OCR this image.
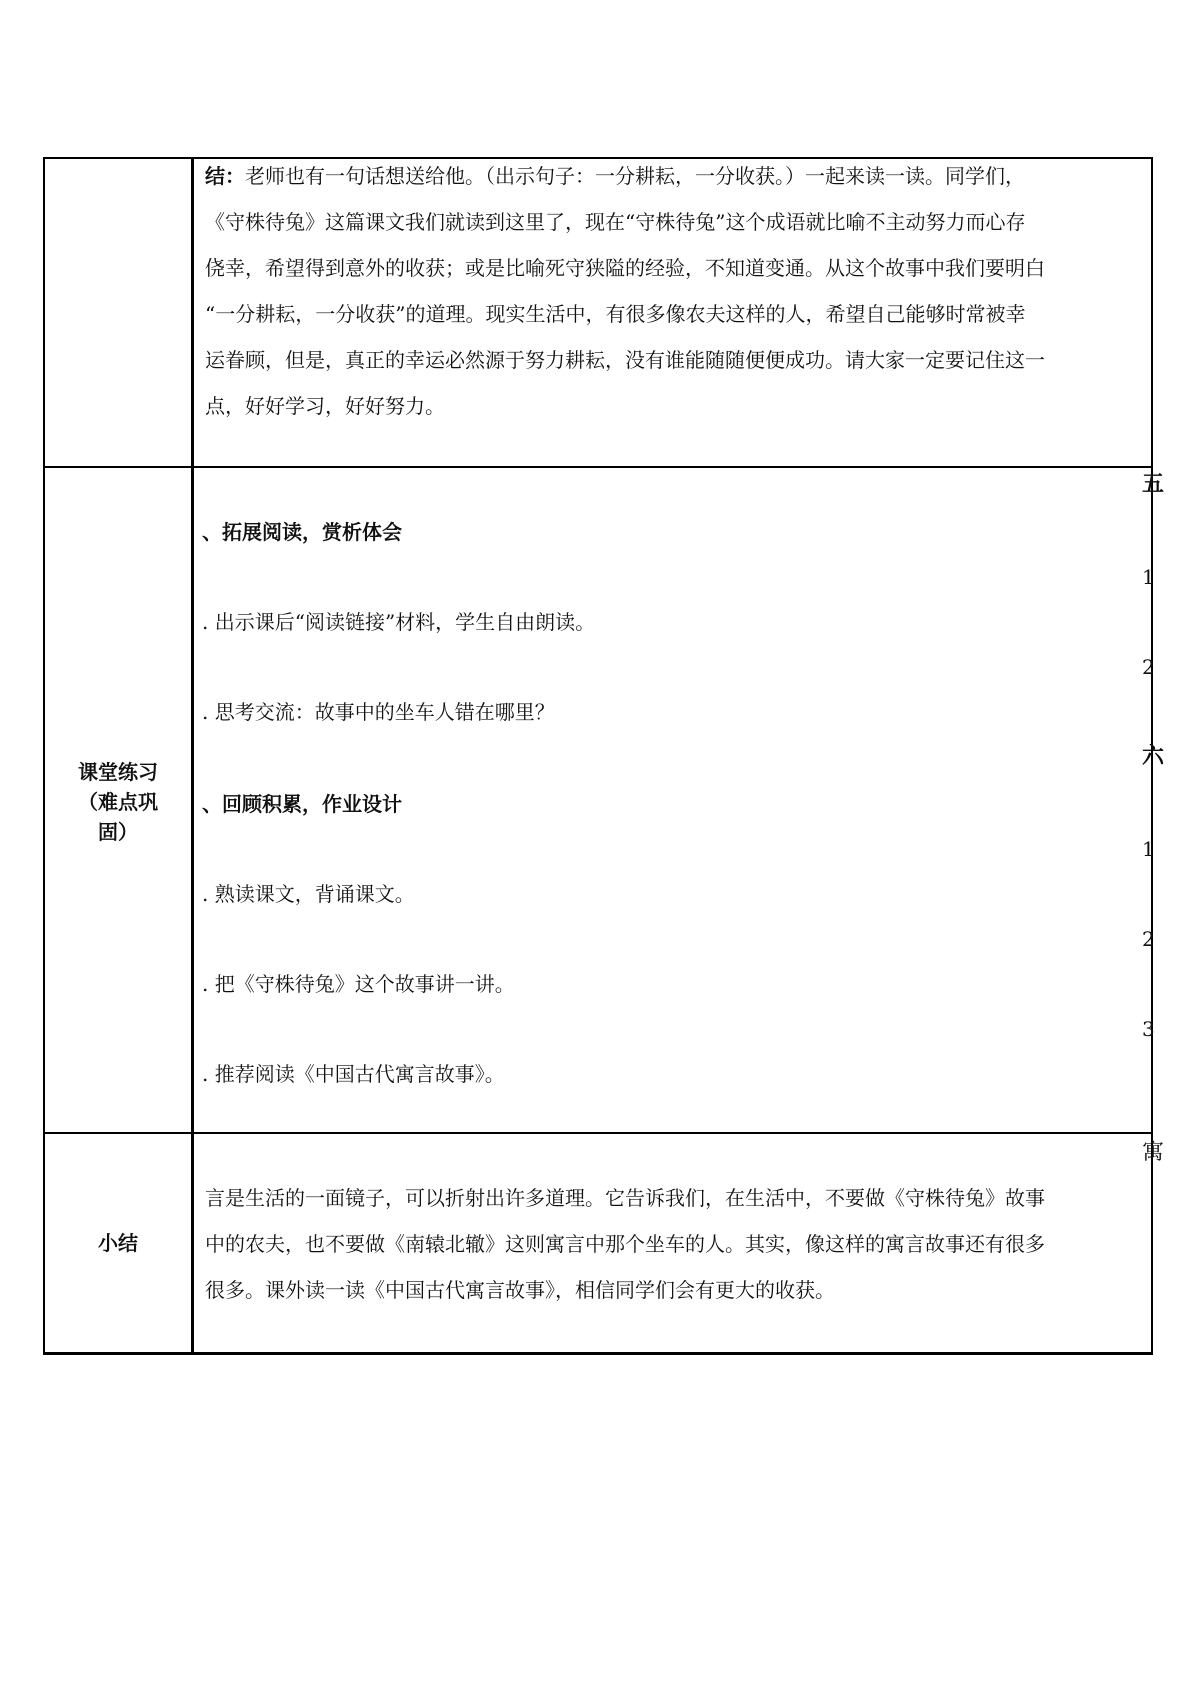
结：老师也有一句话想送给他。（出示句子：一分耕耘，一分收获。）一起来读一读。同学们，
《守株待兔》这篇课文我们就读到这里了，现在“守株待兔”这个成语就比喻不主动努力而心存
侥幸，希望得到意外的收获；或是比喻死守狭隘的经验，不知道变通。从这个故事中我们要明白
“一分耕耘，一分收获”的道理。现实生活中，有很多像农夫这样的人，希望自己能够时常被幸
运眷顾，但是，真正的幸运必然源于努力耕耘，没有谁能随随便便成功。请大家一定要记住这一
点，好好学习，好好努力。
课堂练习
（难点巩
固）
、拓展阅读，赏析体会
. 出示课后“阅读链接”材料，学生自由朗读。
. 思考交流：故事中的坐车人错在哪里？
、回顾积累，作业设计
. 熟读课文，背诵课文。
. 把《守株待兔》这个故事讲一讲。
. 推荐阅读《中国古代寓言故事》。
小结
言是生活的一面镜子，可以折射出许多道理。它告诉我们，在生活中，不要做《守株待兔》故事
中的农夫，也不要做《南辕北辙》这则寓言中那个坐车的人。其实，像这样的寓言故事还有很多
很多。课外读一读《中国古代寓言故事》，相信同学们会有更大的收获。
五
1
2
六
1
2
3
寓
